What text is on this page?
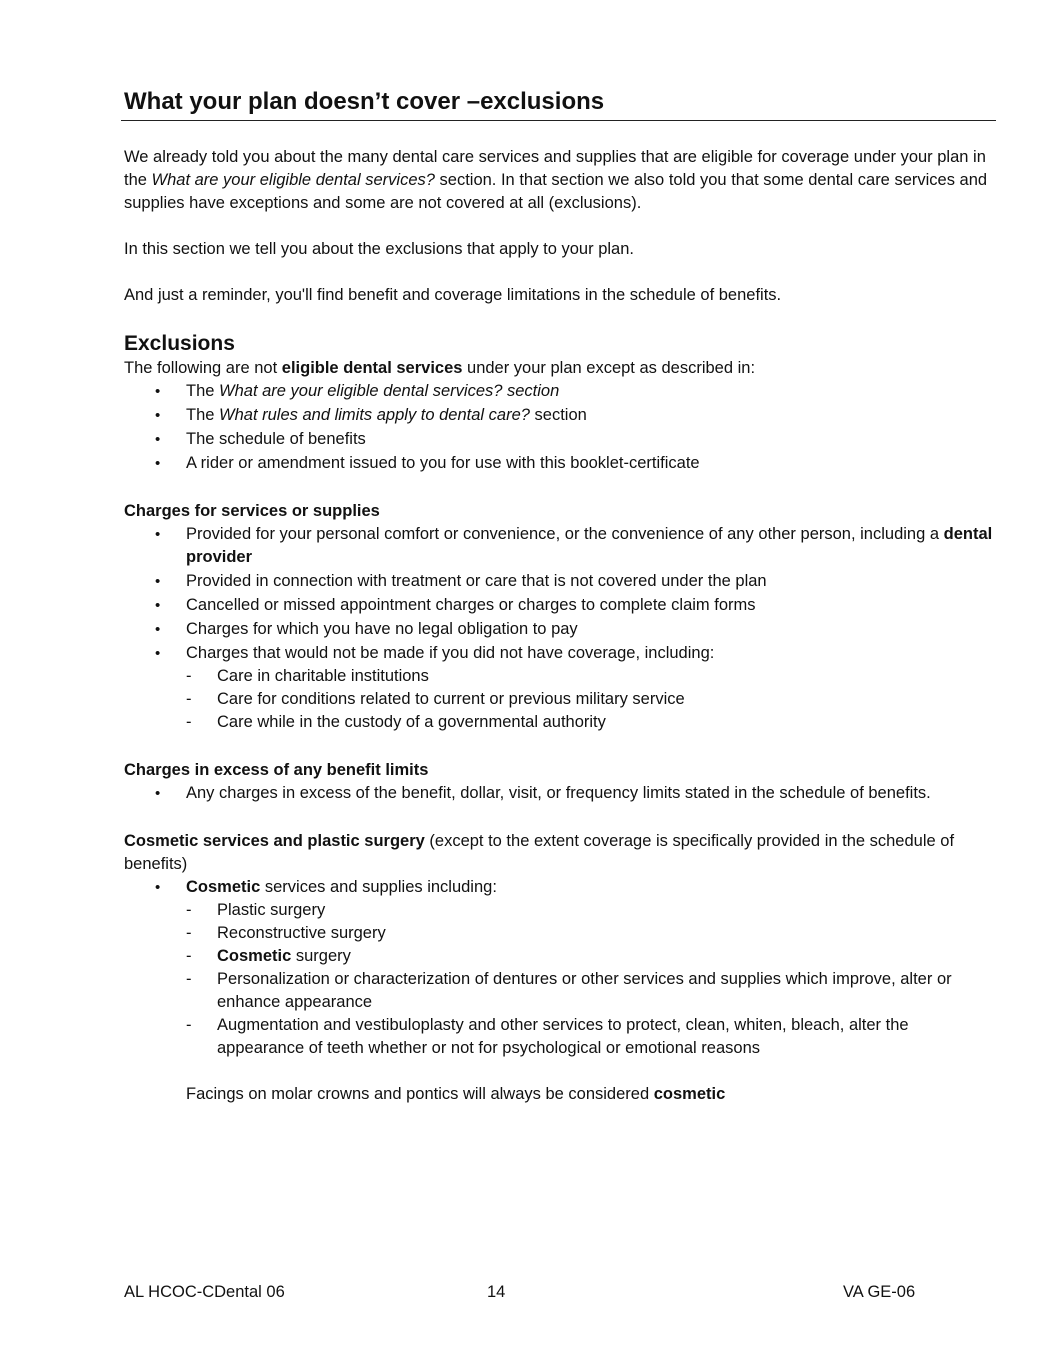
What your plan doesn’t cover –exclusions

We already told you about the many dental care services and supplies that are eligible for coverage under your plan in the What are your eligible dental services? section. In that section we also told you that some dental care services and supplies have exceptions and some are not covered at all (exclusions).

In this section we tell you about the exclusions that apply to your plan.

And just a reminder, you'll find benefit and coverage limitations in the schedule of benefits.

Exclusions

The following are not eligible dental services under your plan except as described in:

• The What are your eligible dental services? section
• The What rules and limits apply to dental care? section
• The schedule of benefits
• A rider or amendment issued to you for use with this booklet-certificate
Charges for services or supplies
• Provided for your personal comfort or convenience, or the convenience of any other person, including a dental provider
• Provided in connection with treatment or care that is not covered under the plan
• Cancelled or missed appointment charges or charges to complete claim forms
• Charges for which you have no legal obligation to pay
• Charges that would not be made if you did not have coverage, including:
- Care in charitable institutions
- Care for conditions related to current or previous military service
- Care while in the custody of a governmental authority
Charges in excess of any benefit limits
• Any charges in excess of the benefit, dollar, visit, or frequency limits stated in the schedule of benefits.

Cosmetic services and plastic surgery (except to the extent coverage is specifically provided in the schedule of benefits)

• Cosmetic services and supplies including:
- Plastic surgery
- Reconstructive surgery
- Cosmetic surgery
- Personalization or characterization of dentures or other services and supplies which improve, alter or enhance appearance
- Augmentation and vestibuloplasty and other services to protect, clean, whiten, bleach, alter the appearance of teeth whether or not for psychological or emotional reasons

Facings on molar crowns and pontics will always be considered cosmetic

AL HCOC-CDental 06	14	VA GE-06
